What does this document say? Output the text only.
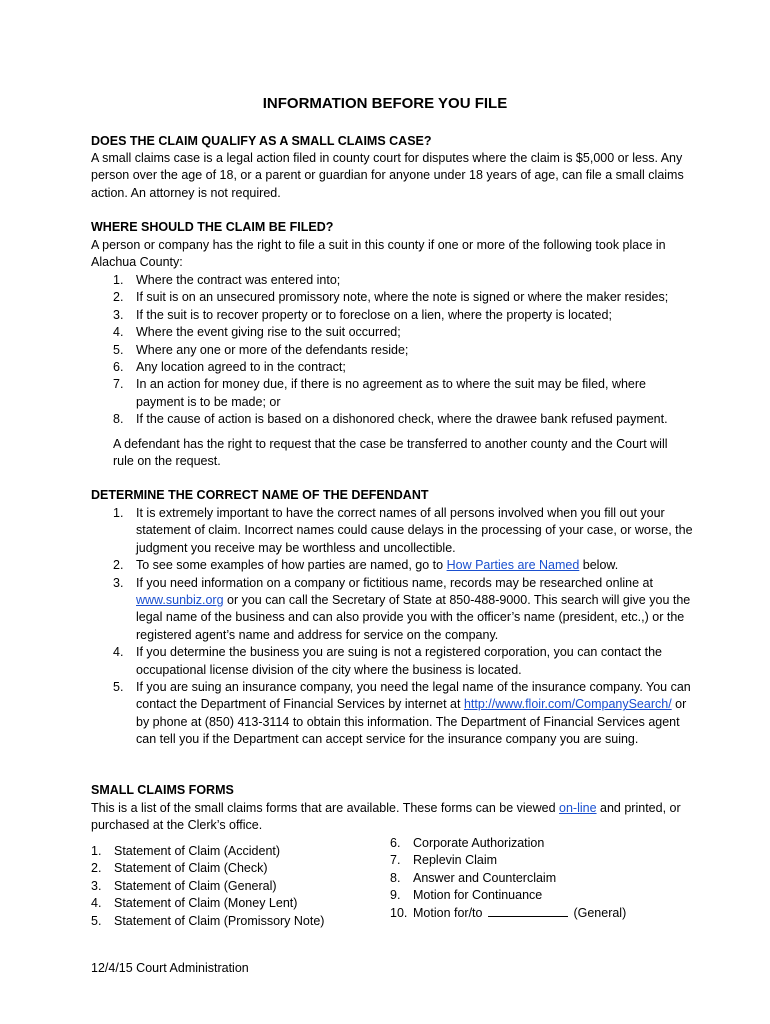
INFORMATION BEFORE YOU FILE
DOES THE CLAIM QUALIFY AS A SMALL CLAIMS CASE?
A small claims case is a legal action filed in county court for disputes where the claim is $5,000 or less. Any person over the age of 18, or a parent or guardian for anyone under 18 years of age, can file a small claims action. An attorney is not required.
WHERE SHOULD THE CLAIM BE FILED?
A person or company has the right to file a suit in this county if one or more of the following took place in Alachua County:
1. Where the contract was entered into;
2. If suit is on an unsecured promissory note, where the note is signed or where the maker resides;
3. If the suit is to recover property or to foreclose on a lien, where the property is located;
4. Where the event giving rise to the suit occurred;
5. Where any one or more of the defendants reside;
6. Any location agreed to in the contract;
7. In an action for money due, if there is no agreement as to where the suit may be filed, where payment is to be made; or
8. If the cause of action is based on a dishonored check, where the drawee bank refused payment.
A defendant has the right to request that the case be transferred to another county and the Court will rule on the request.
DETERMINE THE CORRECT NAME OF THE DEFENDANT
1. It is extremely important to have the correct names of all persons involved when you fill out your statement of claim. Incorrect names could cause delays in the processing of your case, or worse, the judgment you receive may be worthless and uncollectible.
2. To see some examples of how parties are named, go to How Parties are Named below.
3. If you need information on a company or fictitious name, records may be researched online at www.sunbiz.org or you can call the Secretary of State at 850-488-9000. This search will give you the legal name of the business and can also provide you with the officer’s name (president, etc.,) or the registered agent’s name and address for service on the company.
4. If you determine the business you are suing is not a registered corporation, you can contact the occupational license division of the city where the business is located.
5. If you are suing an insurance company, you need the legal name of the insurance company. You can contact the Department of Financial Services by internet at http://www.floir.com/CompanySearch/ or by phone at (850) 413-3114 to obtain this information. The Department of Financial Services agent can tell you if the Department can accept service for the insurance company you are suing.
SMALL CLAIMS FORMS
This is a list of the small claims forms that are available. These forms can be viewed on-line and printed, or purchased at the Clerk’s office.
1. Statement of Claim (Accident)

2. Statement of Claim (Check)

3. Statement of Claim (General)

4. Statement of Claim (Money Lent)

5. Statement of Claim (Promissory Note)

6. Corporate Authorization

7. Replevin Claim

8. Answer and Counterclaim

9. Motion for Continuance

10. Motion for/to	(General)

12/4/15 Court Administration
